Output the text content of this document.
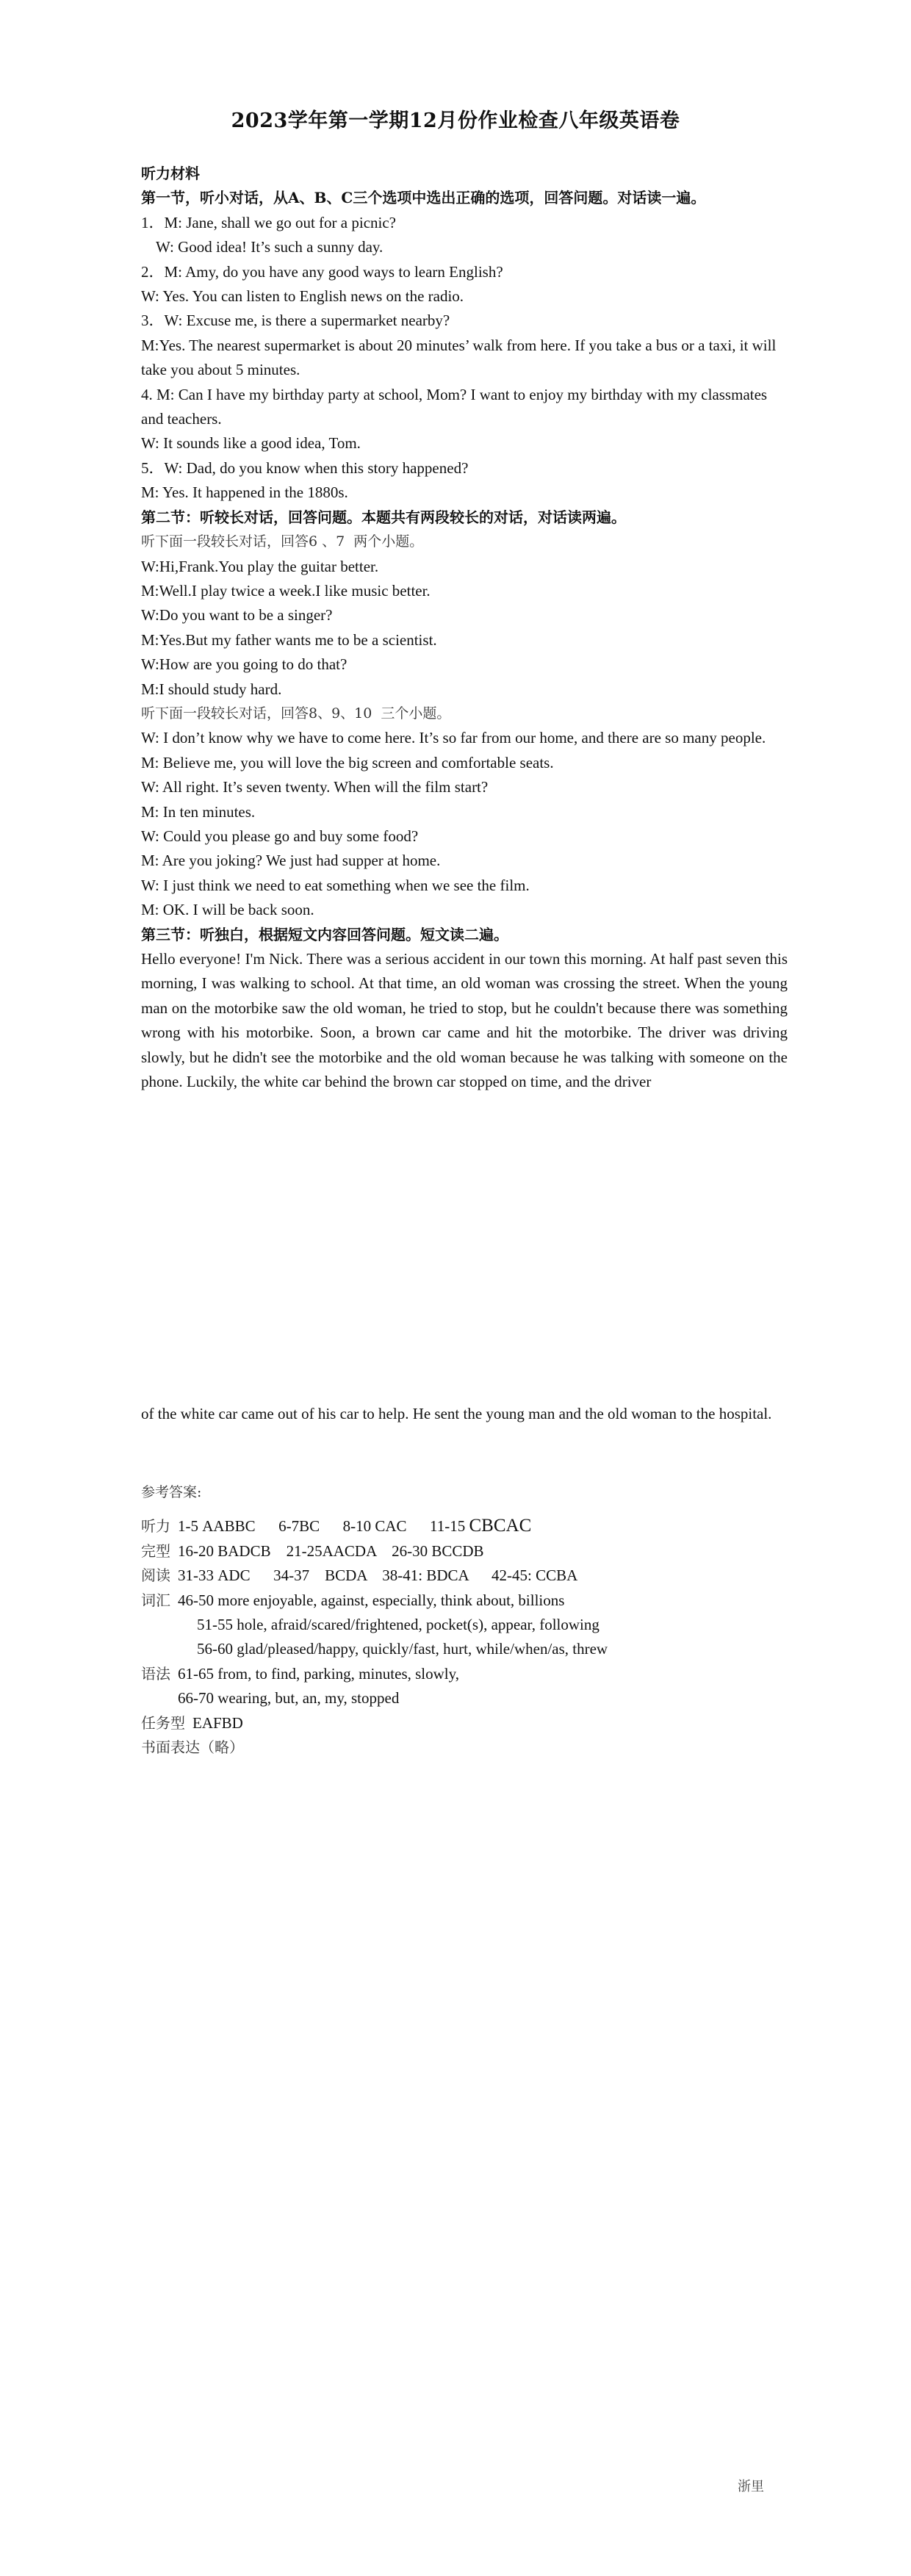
2023学年第一学期12月份作业检查八年级英语卷

听力材料

第一节，听小对话，从A、B、C三个选项中选出正确的选项，回答问题。对话读一遍。

1．M: Jane, shall we go out for a picnic?

W: Good idea! It’s such a sunny day.

2．M: Amy, do you have any good ways to learn English?

W: Yes. You can listen to English news on the radio.

3．W: Excuse me, is there a supermarket nearby?

M:Yes. The nearest supermarket is about 20 minutes’ walk from here. If you take a bus or a taxi, it will take you about 5 minutes.

4. M: Can I have my birthday party at school, Mom? I want to enjoy my birthday with my classmates and teachers.

W: It sounds like a good idea, Tom.

5．W: Dad, do you know when this story happened?

M: Yes. It happened in the 1880s.

第二节：听较长对话，回答问题。本题共有两段较长的对话，对话读两遍。

听下面一段较长对话，回答6 、7  两个小题。

W:Hi,Frank.You play the guitar better.

M:Well.I play twice a week.I like music better.

W:Do you want to be a singer?

M:Yes.But my father wants me to be a scientist.

W:How are you going to do that?

M:I should study hard.

听下面一段较长对话，回答8、9、10  三个小题。

W: I don’t know why we have to come here. It’s so far from our home, and there are so many people.

M: Believe me, you will love the big screen and comfortable seats.

W: All right. It’s seven twenty. When will the film start?

M: In ten minutes.

W: Could you please go and buy some food?

M: Are you joking? We just had supper at home.

W: I just think we need to eat something when we see the film.

M: OK. I will be back soon.

第三节：听独白，根据短文内容回答问题。短文读二遍。

Hello everyone! I'm Nick. There was a serious accident in our town this morning. At half past seven this morning, I was walking to school. At that time, an old woman was crossing the street. When the young man on the motorbike saw the old woman, he tried to stop, but he couldn't because there was something wrong with his motorbike. Soon, a brown car came and hit the motorbike. The driver was driving slowly, but he didn't see the motorbike and the old woman because he was talking with someone on the phone. Luckily, the white car behind the brown car stopped on time, and the driver

of the white car came out of his car to help. He sent the young man and the old woman to the hospital.

参考答案:

听力 1-5 AABBC      6-7BC      8-10 CAC      11-15 CBCAC

完型 16-20 BADCB    21-25AACDA    26-30 BCCDB

阅读 31-33 ADC      34-37    BCDA    38-41: BDCA      42-45: CCBA

词汇 46-50 more enjoyable, against, especially, think about, billions

51-55 hole, afraid/scared/frightened, pocket(s), appear, following

56-60 glad/pleased/happy, quickly/fast, hurt, while/when/as, threw

语法 61-65 from, to find, parking, minutes, slowly,

66-70 wearing, but, an, my, stopped

任务型 EAFBD

书面表达（略）

浙里
